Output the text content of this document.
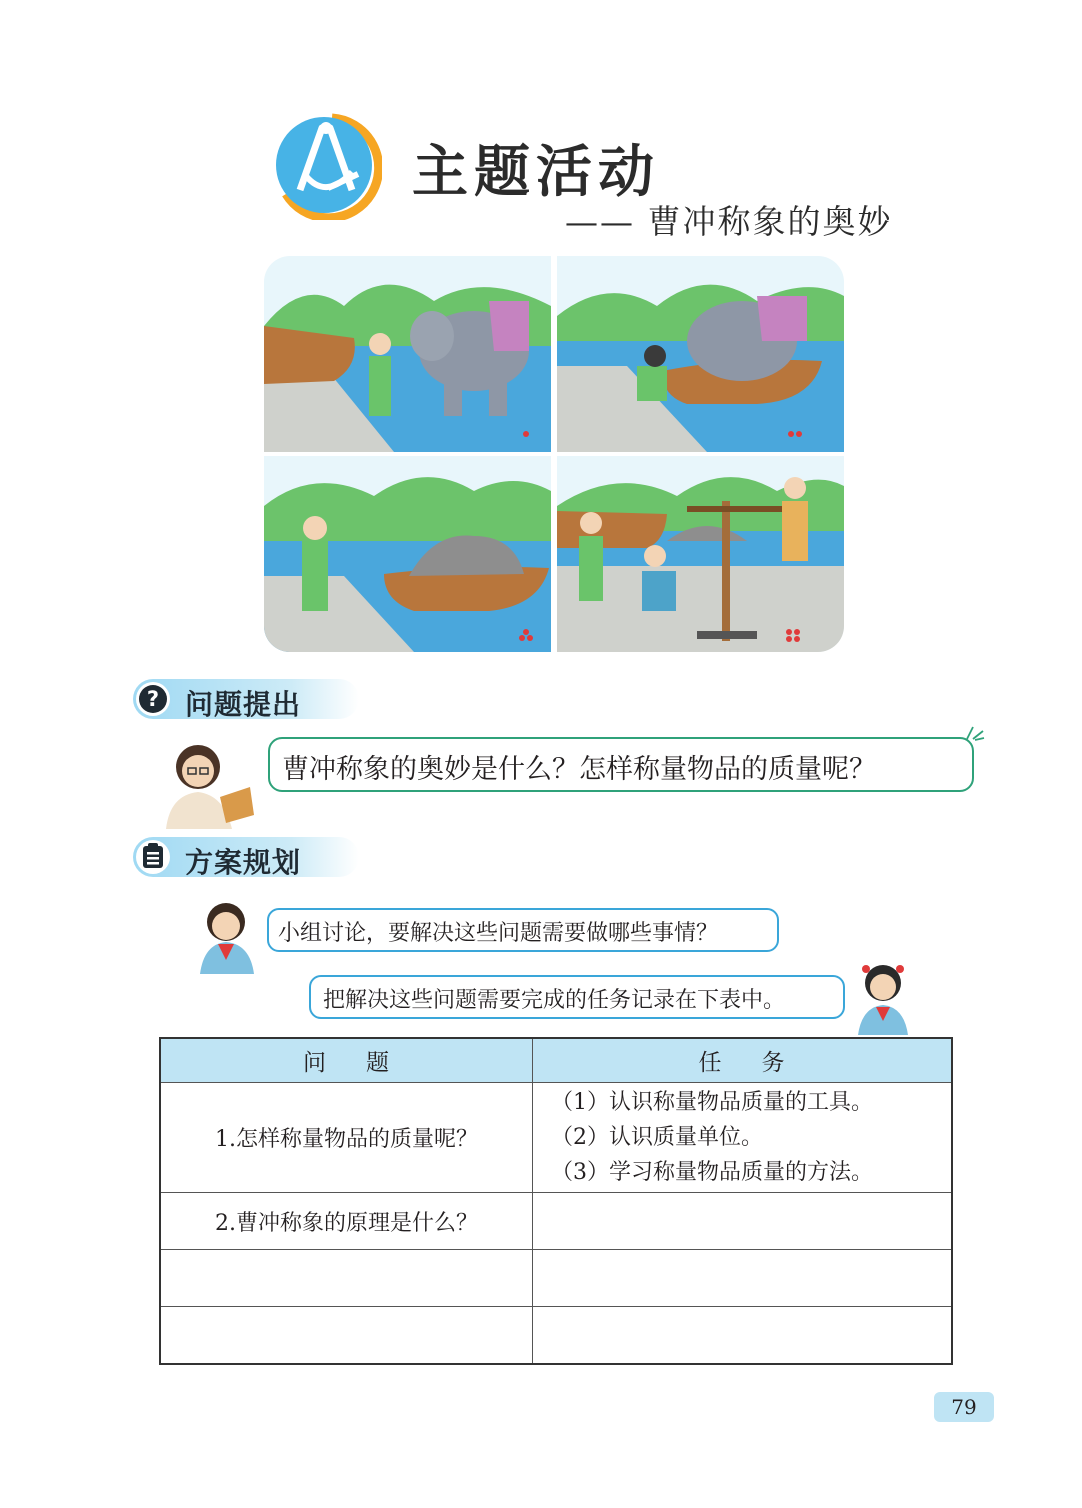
主题活动
—— 曹冲称象的奥妙
? 问题提出
曹冲称象的奥妙是什么？怎样称量物品的质量呢？
方案规划
小组讨论，要解决这些问题需要做哪些事情？
把解决这些问题需要完成的任务记录在下表中。
问题	任务
1.怎样称量物品的质量呢？	（1）认识称量物品质量的工具。
（2）认识质量单位。
（3）学习称量物品质量的方法。

2.曹冲称象的原理是什么？	

79
